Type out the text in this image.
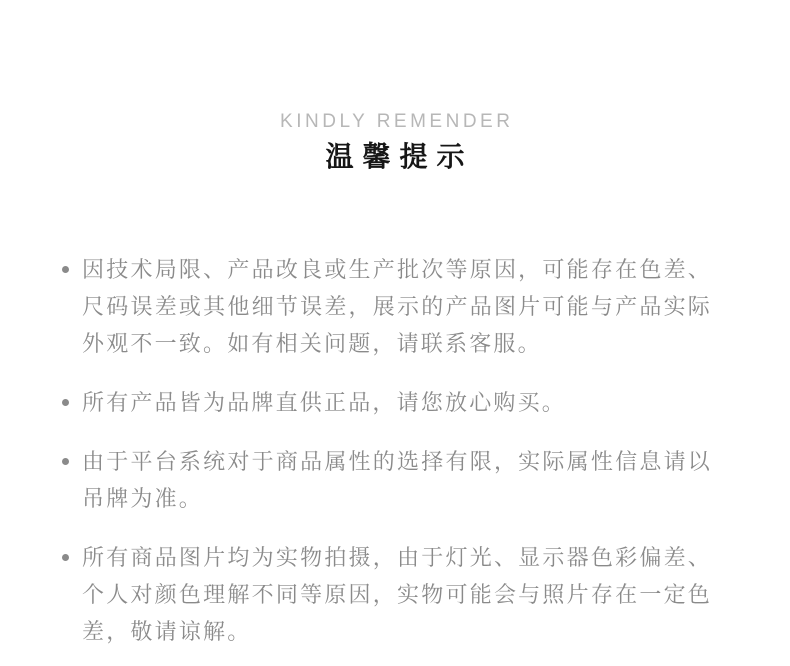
KINDLY REMENDER
温馨提示
因技术局限、产品改良或生产批次等原因，可能存在色差、尺码误差或其他细节误差，展示的产品图片可能与产品实际外观不一致。如有相关问题，请联系客服。
所有产品皆为品牌直供正品，请您放心购买。
由于平台系统对于商品属性的选择有限，实际属性信息请以吊牌为准。
所有商品图片均为实物拍摄，由于灯光、显示器色彩偏差、个人对颜色理解不同等原因，实物可能会与照片存在一定色差，敬请谅解。
